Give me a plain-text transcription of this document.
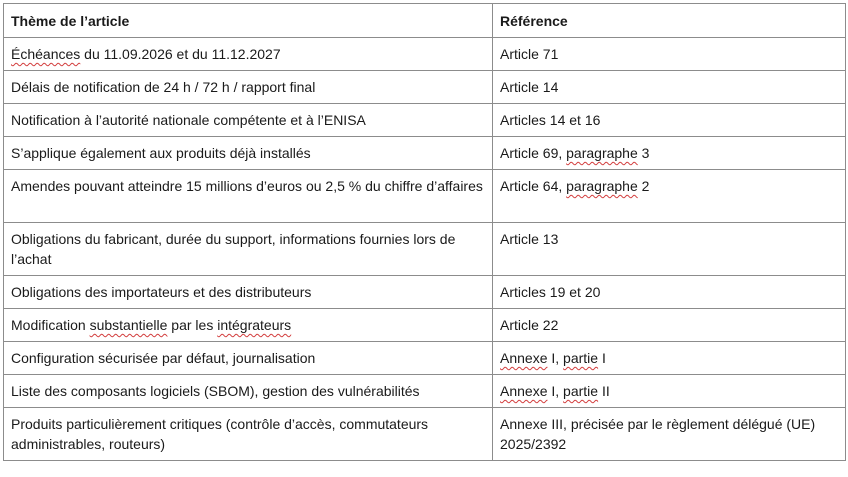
Thème de l’article	Référence
Échéances du 11.09.2026 et du 11.12.2027	Article 71
Délais de notification de 24 h / 72 h / rapport final	Article 14
Notification à l’autorité nationale compétente et à l’ENISA	Articles 14 et 16
S’applique également aux produits déjà installés	Article 69, paragraphe 3
Amendes pouvant atteindre 15 millions d’euros ou 2,5 % du chiffre d’affaires	Article 64, paragraphe 2
Obligations du fabricant, durée du support, informations fournies lors de l’achat	Article 13
Obligations des importateurs et des distributeurs	Articles 19 et 20
Modification substantielle par les intégrateurs	Article 22
Configuration sécurisée par défaut, journalisation	Annexe I, partie I
Liste des composants logiciels (SBOM), gestion des vulnérabilités	Annexe I, partie II
Produits particulièrement critiques (contrôle d’accès, commutateurs administrables, routeurs)	Annexe III, précisée par le règlement délégué (UE) 2025/2392
